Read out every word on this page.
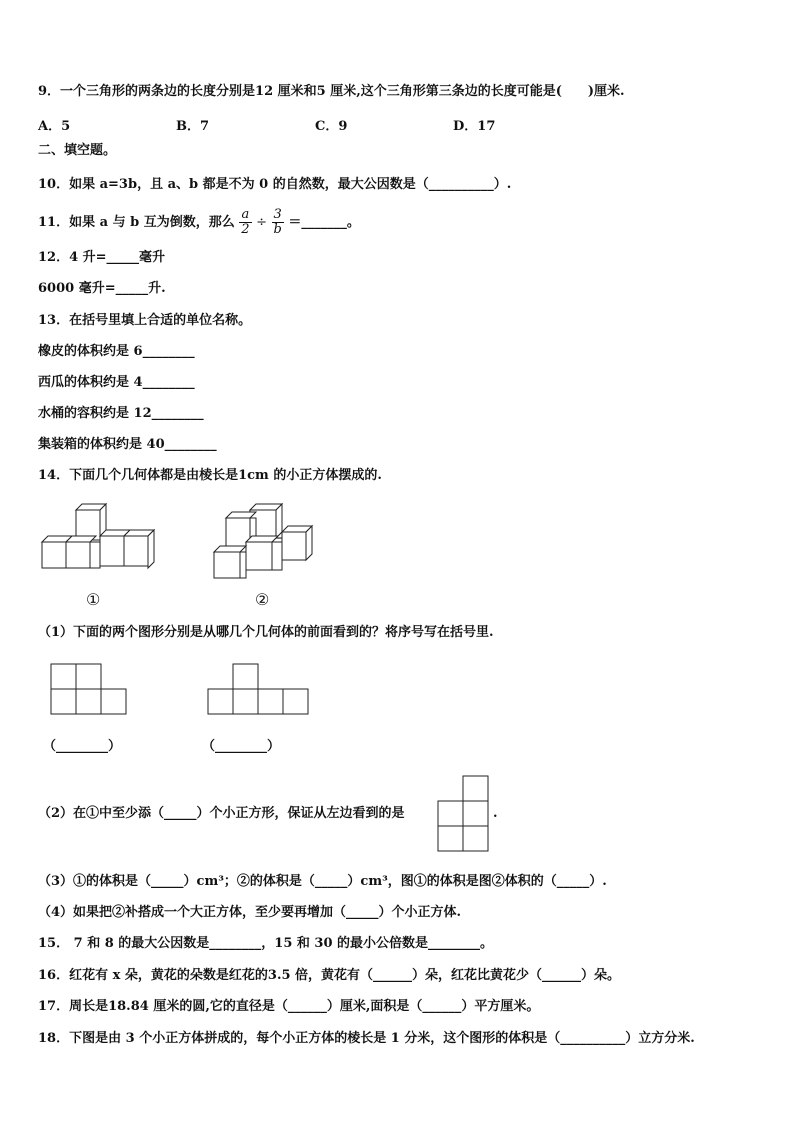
9．一个三角形的两条边的长度分别是12 厘米和5 厘米,这个三角形第三条边的长度可能是(　　)厘米.
A．5	B．7	C．9	D．17
二、填空题。
10．如果 a=3b，且 a、b 都是不为 0 的自然数，最大公因数是（__________）.
11．如果 a 与 b 互为倒数，那么 $\frac{a}{2} \div \frac{3}{b}$ ＝_______。
12．4 升=_____毫升
6000 毫升=_____升.
13．在括号里填上合适的单位名称。
橡皮的体积约是 6________
西瓜的体积约是 4________
水桶的容积约是 12________
集装箱的体积约是 40________
14．下面几个几何体都是由棱长是1cm 的小正方体摆成的.
①	②
（1）下面的两个图形分别是从哪几个几何体的前面看到的？将序号写在括号里.
（________）	（________）
（2）在①中至少添（_____）个小正方形，保证从左边看到的是	.
（3）①的体积是（_____）cm³；②的体积是（_____）cm³，图①的体积是图②体积的（_____）.
（4）如果把②补搭成一个大正方体，至少要再增加（_____）个小正方体.
15． 7 和 8 的最大公因数是________，15 和 30 的最小公倍数是________。
16．红花有 x 朵，黄花的朵数是红花的3.5 倍，黄花有（______）朵，红花比黄花少（______）朵。
17．周长是18.84 厘米的圆,它的直径是（______）厘米,面积是（______）平方厘米。
18．下图是由 3 个小正方体拼成的，每个小正方体的棱长是 1 分米，这个图形的体积是（__________）立方分米.
